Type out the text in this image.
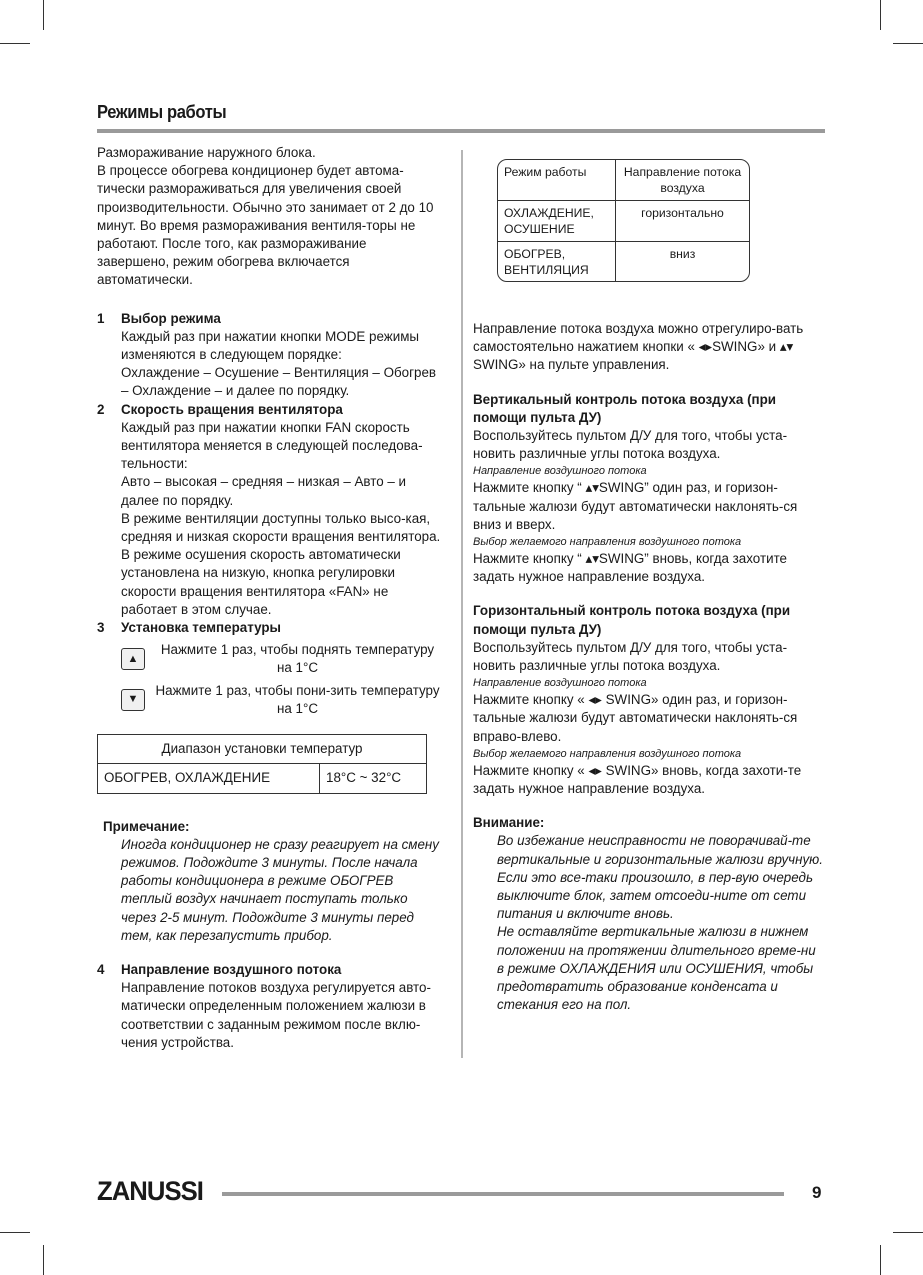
Режимы работы

Размораживание наружного блока.
В процессе обогрева кондиционер будет автома-тически размораживаться для увеличения своей производительности. Обычно это занимает от 2 до 10 минут. Во время размораживания вентиля-торы не работают. После того, как размораживание завершено, режим обогрева включается автоматически.

1	Выбор режима

Каждый раз при нажатии кнопки MODE режимы изменяются в следующем порядке:
Охлаждение – Осушение – Вентиляция – Обогрев – Охлаждение – и далее по порядку.

2	Скорость вращения вентилятора

Каждый раз при нажатии кнопки FAN скорость вентилятора меняется в следующей последова-тельности:
Авто – высокая – средняя – низкая – Авто – и далее по порядку.
В режиме вентиляции доступны только высо-кая, средняя и низкая скорости вращения вентилятора. В режиме осушения скорость автоматически установлена на низкую, кнопка регулировки скорости вращения вентилятора «FAN» не работает в этом случае.

3	Установка температуры
▲
Нажмите 1 раз, чтобы поднять температуру на 1°C
▼
Нажмите 1 раз, чтобы пони-зить температуру на 1°C
Диапазон установки температур
ОБОГРЕВ, ОХЛАЖДЕНИЕ	18°C ~ 32°C
Примечание:

Иногда кондиционер не сразу реагирует на смену режимов. Подождите 3 минуты. После начала работы кондиционера в режиме ОБОГРЕВ теплый воздух начинает поступать только через 2-5 минут. Подождите 3 минуты перед тем, как перезапустить прибор.

4	Направление воздушного потока

Направление потоков воздуха регулируется авто-матически определенным положением жалюзи в соответствии с заданным режимом после вклю-чения устройства.

Режим работы	Направление потока воздуха
ОХЛАЖДЕНИЕ, ОСУШЕНИЕ	горизонтально
ОБОГРЕВ, ВЕНТИЛЯЦИЯ	вниз

Направление потока воздуха можно отрегулиро-вать самостоятельно нажатием кнопки « ◂▸SWING» и ▴▾ SWING» на пульте управления.

Вертикальный контроль потока воздуха (при помощи пульта ДУ)

Воспользуйтесь пультом Д/У для того, чтобы уста-новить различные углы потока воздуха.

Направление воздушного потока

Нажмите кнопку “ ▴▾SWING” один раз, и горизон-тальные жалюзи будут автоматически наклонять-ся вниз и вверх.

Выбор желаемого направления воздушного потока

Нажмите кнопку “ ▴▾SWING” вновь, когда захотите задать нужное направление воздуха.

Горизонтальный контроль потока воздуха (при помощи пульта ДУ)

Воспользуйтесь пультом Д/У для того, чтобы уста-новить различные углы потока воздуха.

Направление воздушного потока

Нажмите кнопку « ◂▸ SWING» один раз, и горизон-тальные жалюзи будут автоматически наклонять-ся вправо-влево.

Выбор желаемого направления воздушного потока

Нажмите кнопку « ◂▸ SWING» вновь, когда захоти-те задать нужное направление воздуха.

Внимание:

Во избежание неисправности не поворачивай-те вертикальные и горизонтальные жалюзи вручную. Если это все-таки произошло, в пер-вую очередь выключите блок, затем отсоеди-ните от сети питания и включите вновь.
Не оставляйте вертикальные жалюзи в нижнем положении на протяжении длительного време-ни в режиме ОХЛАЖДЕНИЯ или ОСУШЕНИЯ, чтобы предотвратить образование конденсата и стекания его на пол.

ZANUSSI	9
